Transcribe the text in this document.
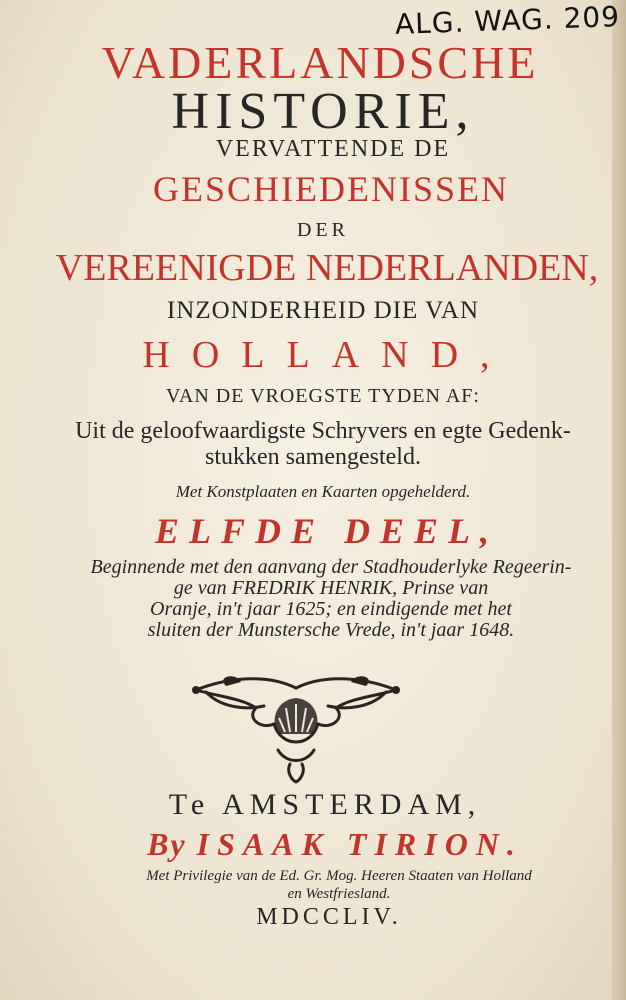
ALG. WAG. 209
VADERLANDSCHE
HISTORIE,
VERVATTENDE DE
GESCHIEDENISSEN
DER
VEREENIGDE NEDERLANDEN,
INZONDERHEID DIE VAN
HOLLAND,
VAN DE VROEGSTE TYDEN AF:
Uit de geloofwaardigste Schryvers en egte Gedenk-
stukken samengesteld.
Met Konstplaaten en Kaarten opgehelderd.
ELFDE DEEL,
Beginnende met den aanvang der Stadhouderlyke Regeerin-
ge van FREDRIK HENRIK, Prinse van
Oranje, in't jaar 1625; en eindigende met het
sluiten der Munstersche Vrede, in't jaar 1648.
Te AMSTERDAM,
By ISAAK TIRION.
Met Privilegie van de Ed. Gr. Mog. Heeren Staaten van Holland
en Westfriesland.
MDCCLIV.
